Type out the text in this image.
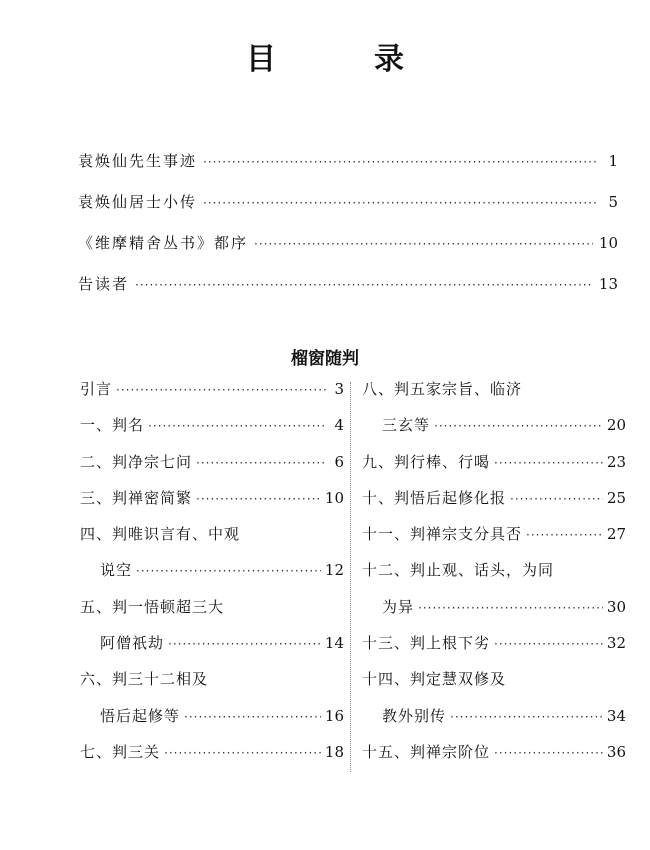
目　录
袁焕仙先生事迹 ·····	1
袁焕仙居士小传 ·····	5
《维摩精舍丛书》都序 ·····	10
告读者 ·····	13
榴窗随判
引言 ·····	3
一、判名 ·····	4
二、判净宗七问 ·····	6
三、判禅密简繁 ·····	10
四、判唯识言有、中观
说空 ·····	12
五、判一悟顿超三大
阿僧祇劫 ·····	14
六、判三十二相及
悟后起修等 ·····	16
七、判三关 ·····	18
八、判五家宗旨、临济
三玄等 ·····	20
九、判行棒、行喝 ·····	23
十、判悟后起修化报 ·····	25
十一、判禅宗支分具否 ·····	27
十二、判止观、话头，为同
为异 ·····	30
十三、判上根下劣 ·····	32
十四、判定慧双修及
教外别传 ·····	34
十五、判禅宗阶位 ·····	36
